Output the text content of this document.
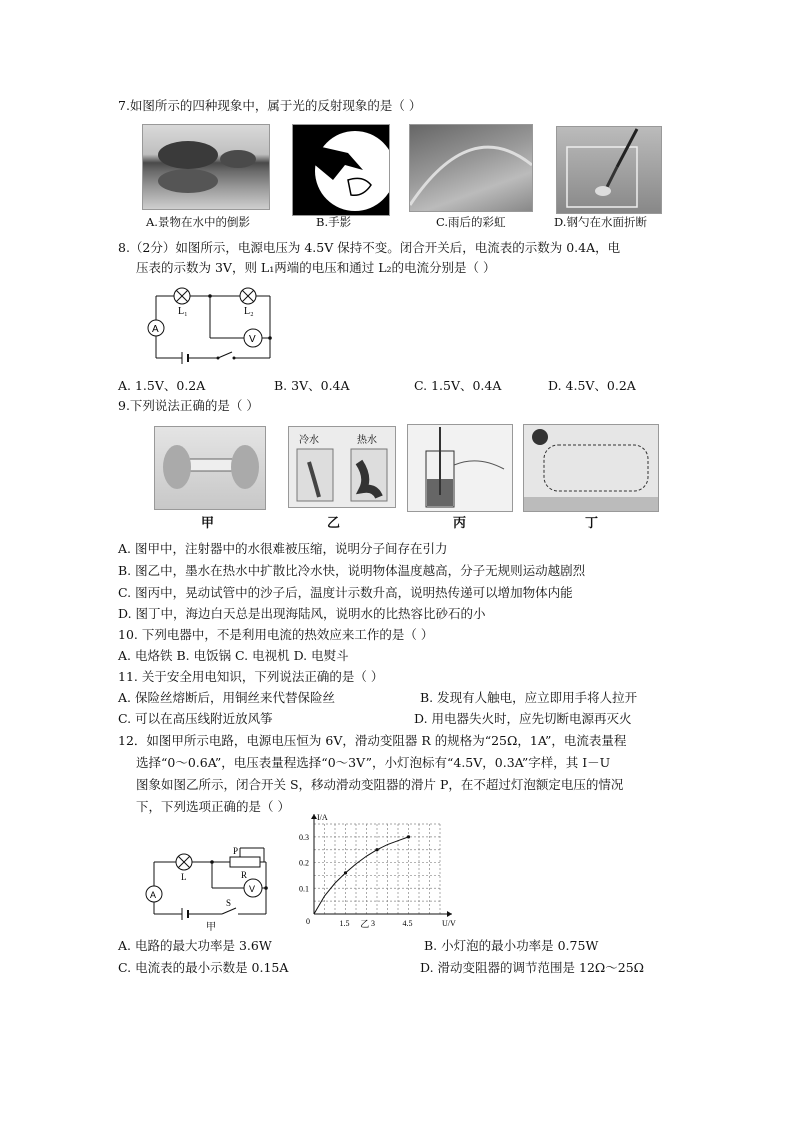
7.如图所示的四种现象中，属于光的反射现象的是（ ）
A.景物在水中的倒影	B.手影	C.雨后的彩虹	D.钢勺在水面折断
8.（2分）如图所示，电源电压为 4.5V 保持不变。闭合开关后，电流表的示数为 0.4A，电
压表的示数为 3V，则 L₁两端的电压和通过 L₂的电流分别是（ ）
A
V
L₁	L₂
A. 1.5V、0.2A	B. 3V、0.4A	C. 1.5V、0.4A	D. 4.5V、0.2A
9.下列说法正确的是（ ）
冷水	热水
甲	乙	丙	丁
A. 图甲中，注射器中的水很难被压缩，说明分子间存在引力
B. 图乙中，墨水在热水中扩散比冷水快，说明物体温度越高，分子无规则运动越剧烈
C. 图丙中，晃动试管中的沙子后，温度计示数升高，说明热传递可以增加物体内能
D. 图丁中，海边白天总是出现海陆风，说明水的比热容比砂石的小
10. 下列电器中，不是利用电流的热效应来工作的是（ ）
A. 电烙铁 B. 电饭锅 C. 电视机 D. 电熨斗
11. 关于安全用电知识，下列说法正确的是（ ）
A. 保险丝熔断后，用铜丝来代替保险丝	B. 发现有人触电，应立即用手将人拉开
C. 可以在高压线附近放风筝	D. 用电器失火时，应先切断电源再灭火
12．如图甲所示电路，电源电压恒为 6V，滑动变阻器 R 的规格为“25Ω，1A”，电流表量程
选择“0～0.6A”，电压表量程选择“0～3V”，小灯泡标有“4.5V，0.3A”字样，其 I－U
图象如图乙所示，闭合开关 S，移动滑动变阻器的滑片 P，在不超过灯泡额定电压的情况
下，下列选项正确的是（ ）
A
V
L
P
R
S
甲	1.5	3	4.5
0.1
0.2
0.3
0	U/V
I/A
乙
A. 电路的最大功率是 3.6W	B. 小灯泡的最小功率是 0.75W
C. 电流表的最小示数是 0.15A	D. 滑动变阻器的调节范围是 12Ω～25Ω
